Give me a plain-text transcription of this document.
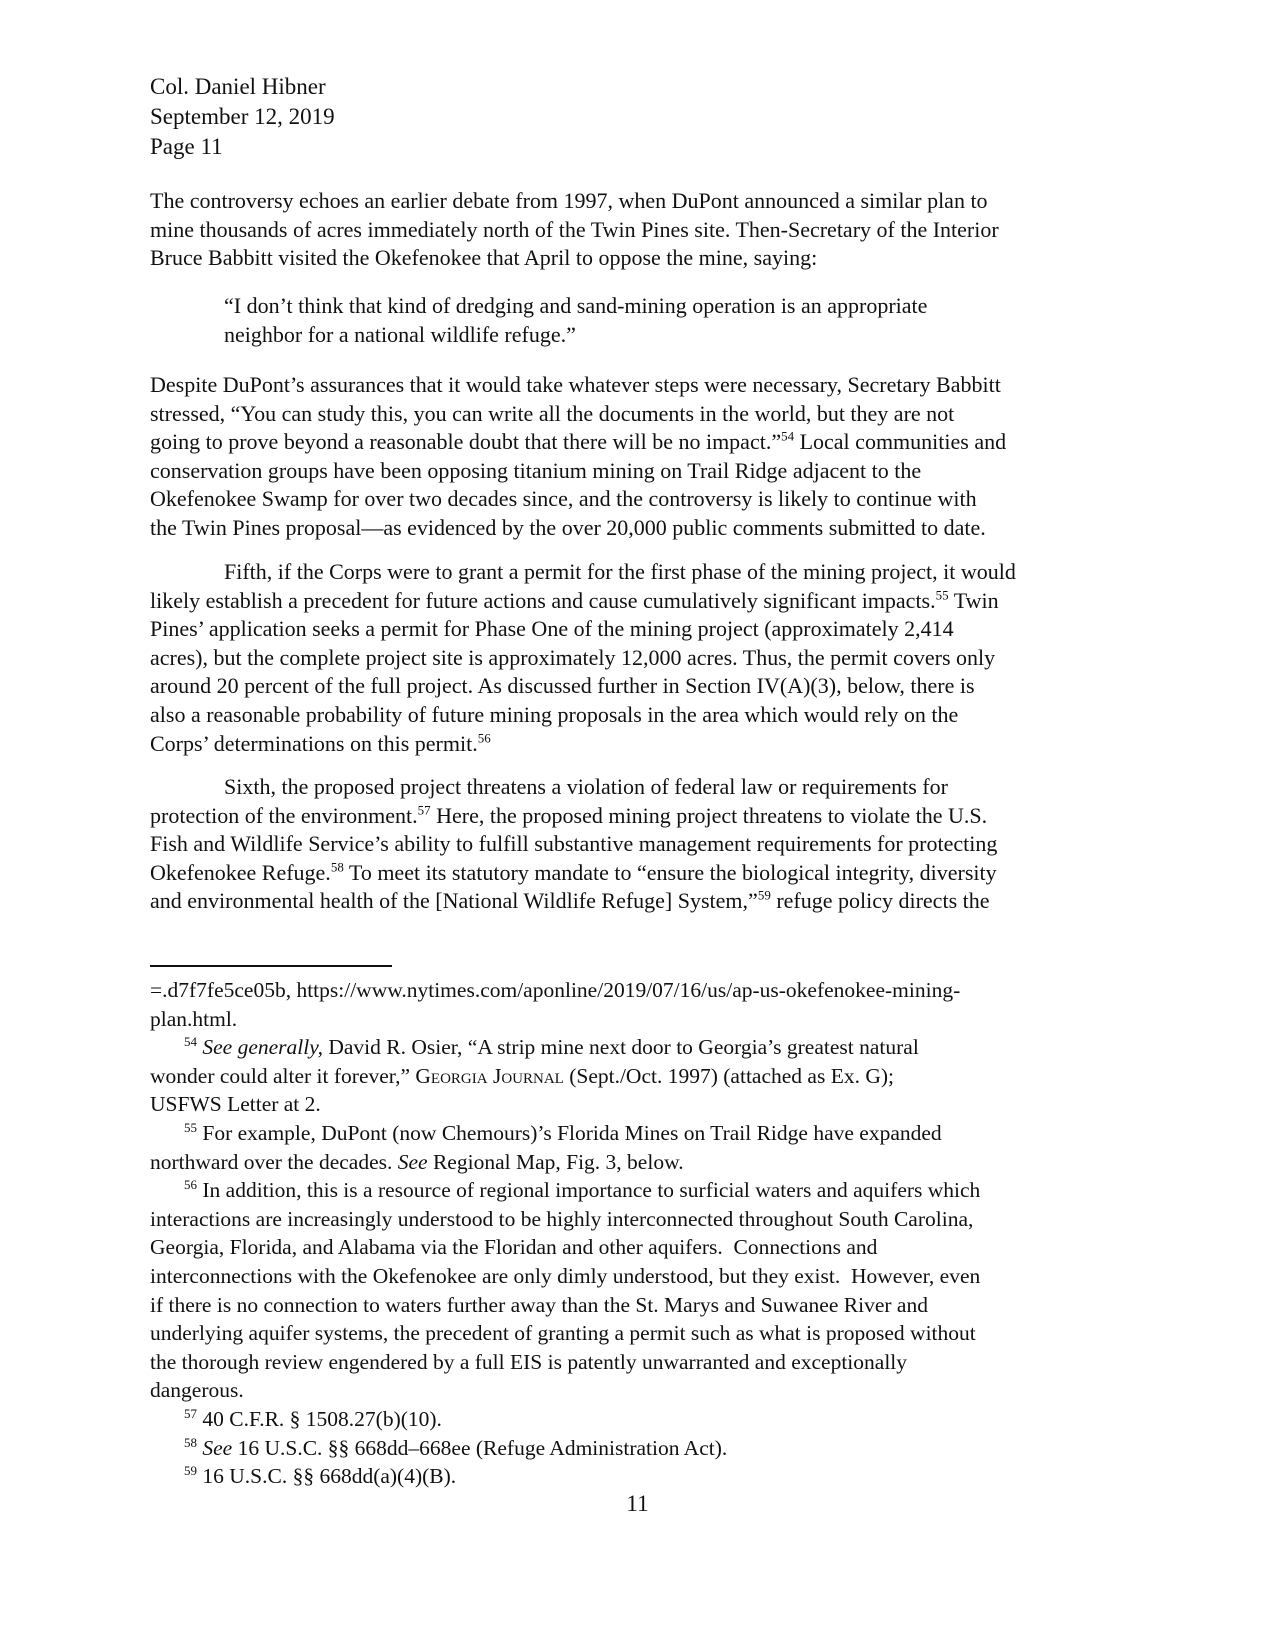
Col. Daniel Hibner
September 12, 2019
Page 11
The controversy echoes an earlier debate from 1997, when DuPont announced a similar plan to
mine thousands of acres immediately north of the Twin Pines site. Then-Secretary of the Interior
Bruce Babbitt visited the Okefenokee that April to oppose the mine, saying:
“I don’t think that kind of dredging and sand-mining operation is an appropriate
neighbor for a national wildlife refuge.”
Despite DuPont’s assurances that it would take whatever steps were necessary, Secretary Babbitt
stressed, “You can study this, you can write all the documents in the world, but they are not
going to prove beyond a reasonable doubt that there will be no impact.”$^{54}$ Local communities and
conservation groups have been opposing titanium mining on Trail Ridge adjacent to the
Okefenokee Swamp for over two decades since, and the controversy is likely to continue with
the Twin Pines proposal—as evidenced by the over 20,000 public comments submitted to date.
Fifth, if the Corps were to grant a permit for the first phase of the mining project, it would
likely establish a precedent for future actions and cause cumulatively significant impacts.$^{55}$ Twin
Pines’ application seeks a permit for Phase One of the mining project (approximately 2,414
acres), but the complete project site is approximately 12,000 acres. Thus, the permit covers only
around 20 percent of the full project. As discussed further in Section IV(A)(3), below, there is
also a reasonable probability of future mining proposals in the area which would rely on the
Corps’ determinations on this permit.$^{56}$
Sixth, the proposed project threatens a violation of federal law or requirements for
protection of the environment.$^{57}$ Here, the proposed mining project threatens to violate the U.S.
Fish and Wildlife Service’s ability to fulfill substantive management requirements for protecting
Okefenokee Refuge.$^{58}$ To meet its statutory mandate to “ensure the biological integrity, diversity
and environmental health of the [National Wildlife Refuge] System,”$^{59}$ refuge policy directs the
=.d7f7fe5ce05b, https://www.nytimes.com/aponline/2019/07/16/us/ap-us-okefenokee-mining-
plan.html.
$^{54}$ See generally, David R. Osier, “A strip mine next door to Georgia’s greatest natural
wonder could alter it forever,” Georgia Journal (Sept./Oct. 1997) (attached as Ex. G);
USFWS Letter at 2.
$^{55}$ For example, DuPont (now Chemours)’s Florida Mines on Trail Ridge have expanded
northward over the decades. See Regional Map, Fig. 3, below.
$^{56}$ In addition, this is a resource of regional importance to surficial waters and aquifers which
interactions are increasingly understood to be highly interconnected throughout South Carolina,
Georgia, Florida, and Alabama via the Floridan and other aquifers.  Connections and
interconnections with the Okefenokee are only dimly understood, but they exist.  However, even
if there is no connection to waters further away than the St. Marys and Suwanee River and
underlying aquifer systems, the precedent of granting a permit such as what is proposed without
the thorough review engendered by a full EIS is patently unwarranted and exceptionally
dangerous.
$^{57}$ 40 C.F.R. § 1508.27(b)(10).
$^{58}$ See 16 U.S.C. §§ 668dd–668ee (Refuge Administration Act).
$^{59}$ 16 U.S.C. §§ 668dd(a)(4)(B).
11
